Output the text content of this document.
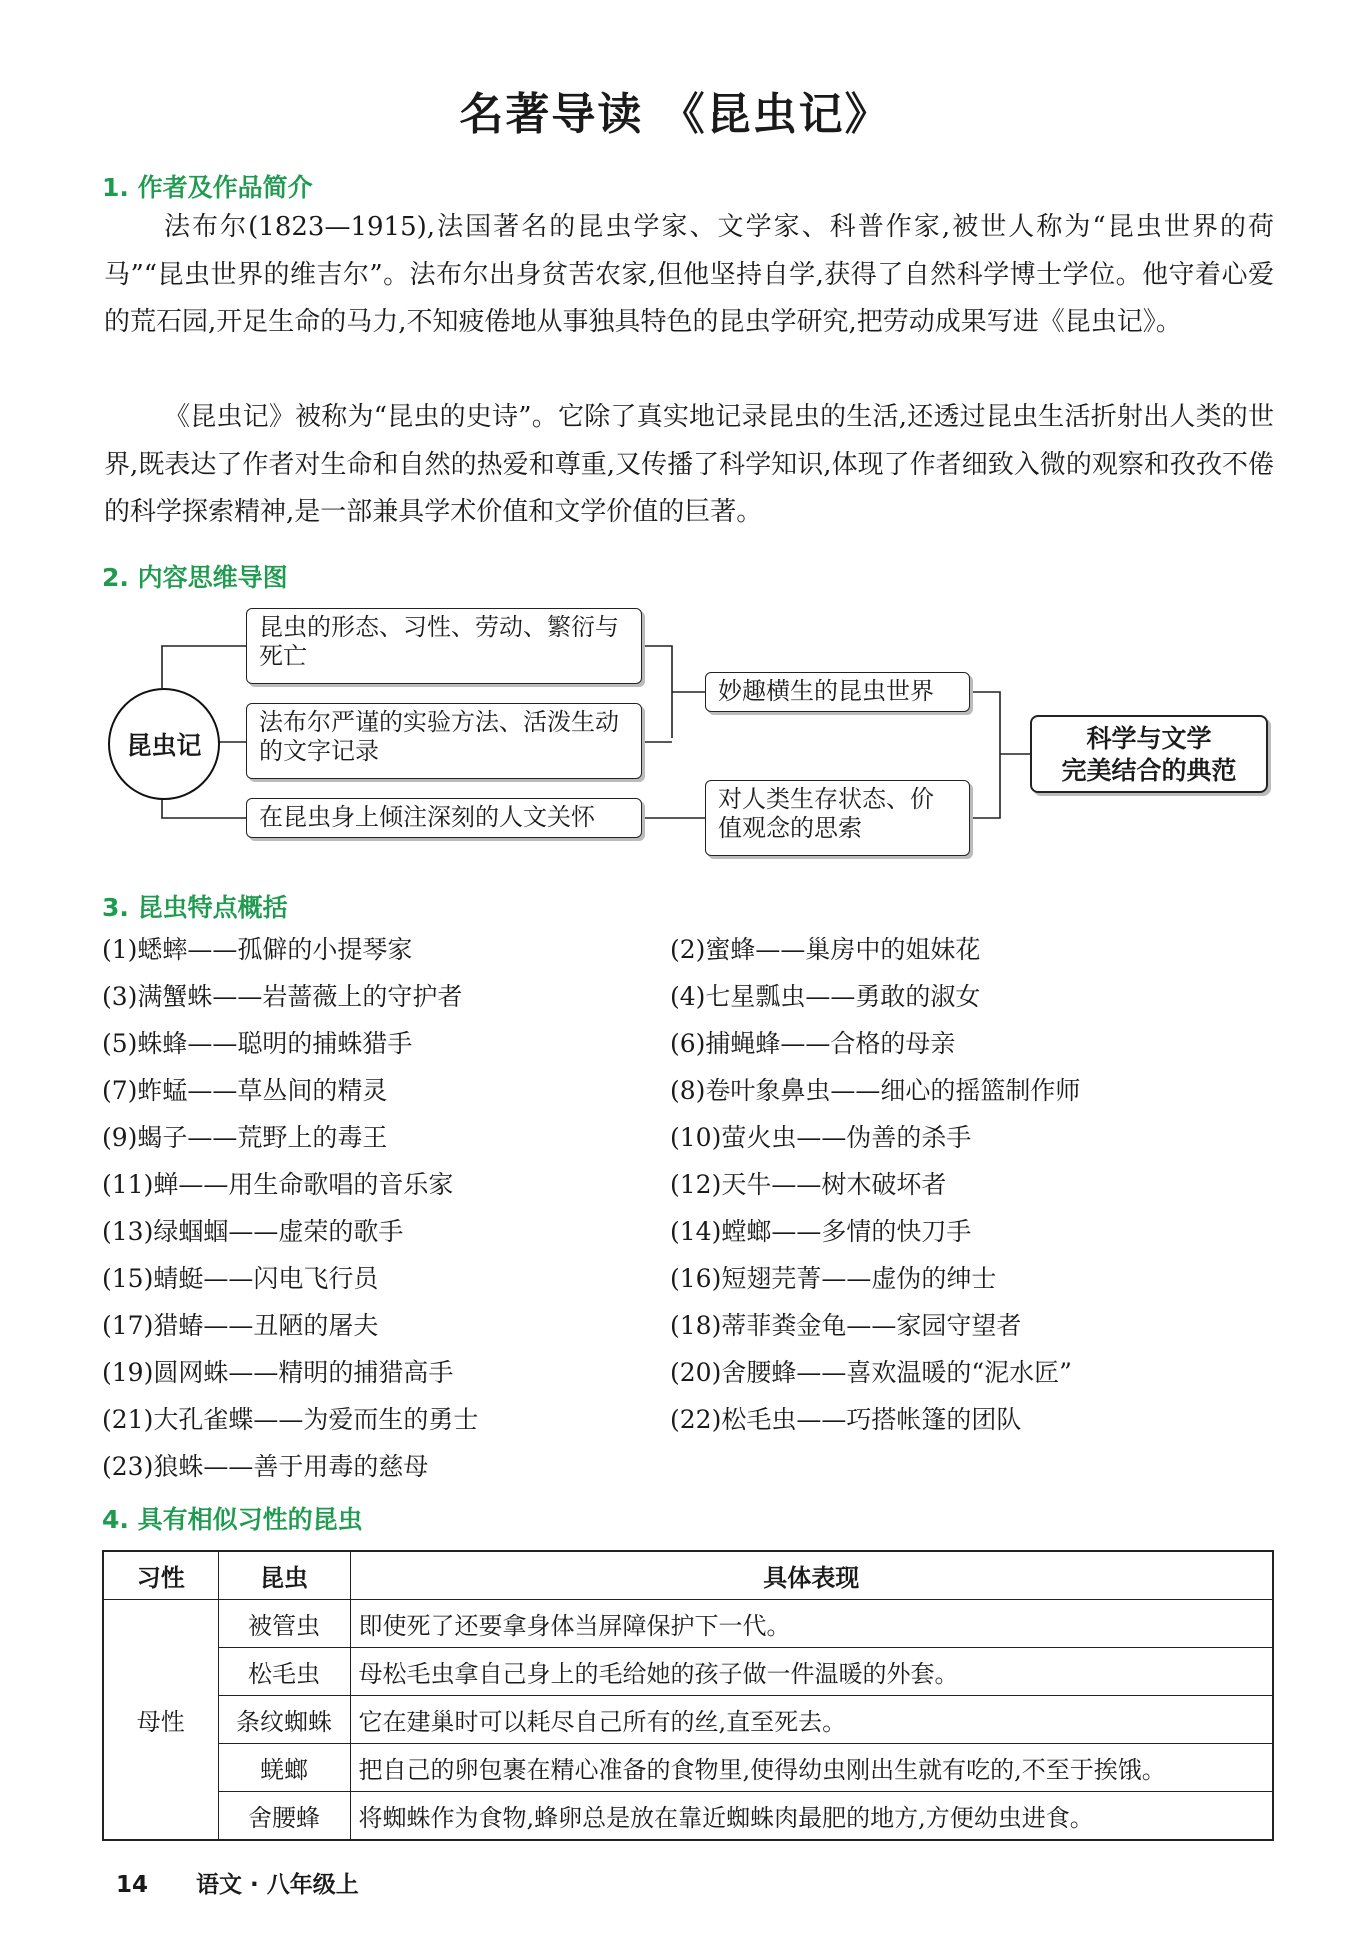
名著导读 《昆虫记》
1. 作者及作品简介
法布尔(1823—1915),法国著名的昆虫学家、文学家、科普作家,被世人称为“昆虫世界的荷马”“昆虫世界的维吉尔”。法布尔出身贫苦农家,但他坚持自学,获得了自然科学博士学位。他守着心爱的荒石园,开足生命的马力,不知疲倦地从事独具特色的昆虫学研究,把劳动成果写进《昆虫记》。
《昆虫记》被称为“昆虫的史诗”。它除了真实地记录昆虫的生活,还透过昆虫生活折射出人类的世界,既表达了作者对生命和自然的热爱和尊重,又传播了科学知识,体现了作者细致入微的观察和孜孜不倦的科学探索精神,是一部兼具学术价值和文学价值的巨著。
2. 内容思维导图
昆虫记
昆虫的形态、习性、劳动、繁衍与死亡
法布尔严谨的实验方法、活泼生动的文字记录
在昆虫身上倾注深刻的人文关怀
妙趣横生的昆虫世界
对人类生存状态、价值观念的思索
科学与文学
完美结合的典范
3. 昆虫特点概括
(1)蟋蟀——孤僻的小提琴家	(2)蜜蜂——巢房中的姐妹花
(3)满蟹蛛——岩蔷薇上的守护者	(4)七星瓢虫——勇敢的淑女
(5)蛛蜂——聪明的捕蛛猎手	(6)捕蝇蜂——合格的母亲
(7)蚱蜢——草丛间的精灵	(8)卷叶象鼻虫——细心的摇篮制作师
(9)蝎子——荒野上的毒王	(10)萤火虫——伪善的杀手
(11)蝉——用生命歌唱的音乐家	(12)天牛——树木破坏者
(13)绿蝈蝈——虚荣的歌手	(14)螳螂——多情的快刀手
(15)蜻蜓——闪电飞行员	(16)短翅芫菁——虚伪的绅士
(17)猎蝽——丑陋的屠夫	(18)蒂菲粪金龟——家园守望者
(19)圆网蛛——精明的捕猎高手	(20)舍腰蜂——喜欢温暖的“泥水匠”
(21)大孔雀蝶——为爱而生的勇士	(22)松毛虫——巧搭帐篷的团队
(23)狼蛛——善于用毒的慈母
4. 具有相似习性的昆虫
习性	昆虫	具体表现
母性	被管虫	即使死了还要拿身体当屏障保护下一代。
	松毛虫	母松毛虫拿自己身上的毛给她的孩子做一件温暖的外套。
	条纹蜘蛛	它在建巢时可以耗尽自己所有的丝,直至死去。
	蜣螂	把自己的卵包裹在精心准备的食物里,使得幼虫刚出生就有吃的,不至于挨饿。
	舍腰蜂	将蜘蛛作为食物,蜂卵总是放在靠近蜘蛛肉最肥的地方,方便幼虫进食。
14 语文 · 八年级上
